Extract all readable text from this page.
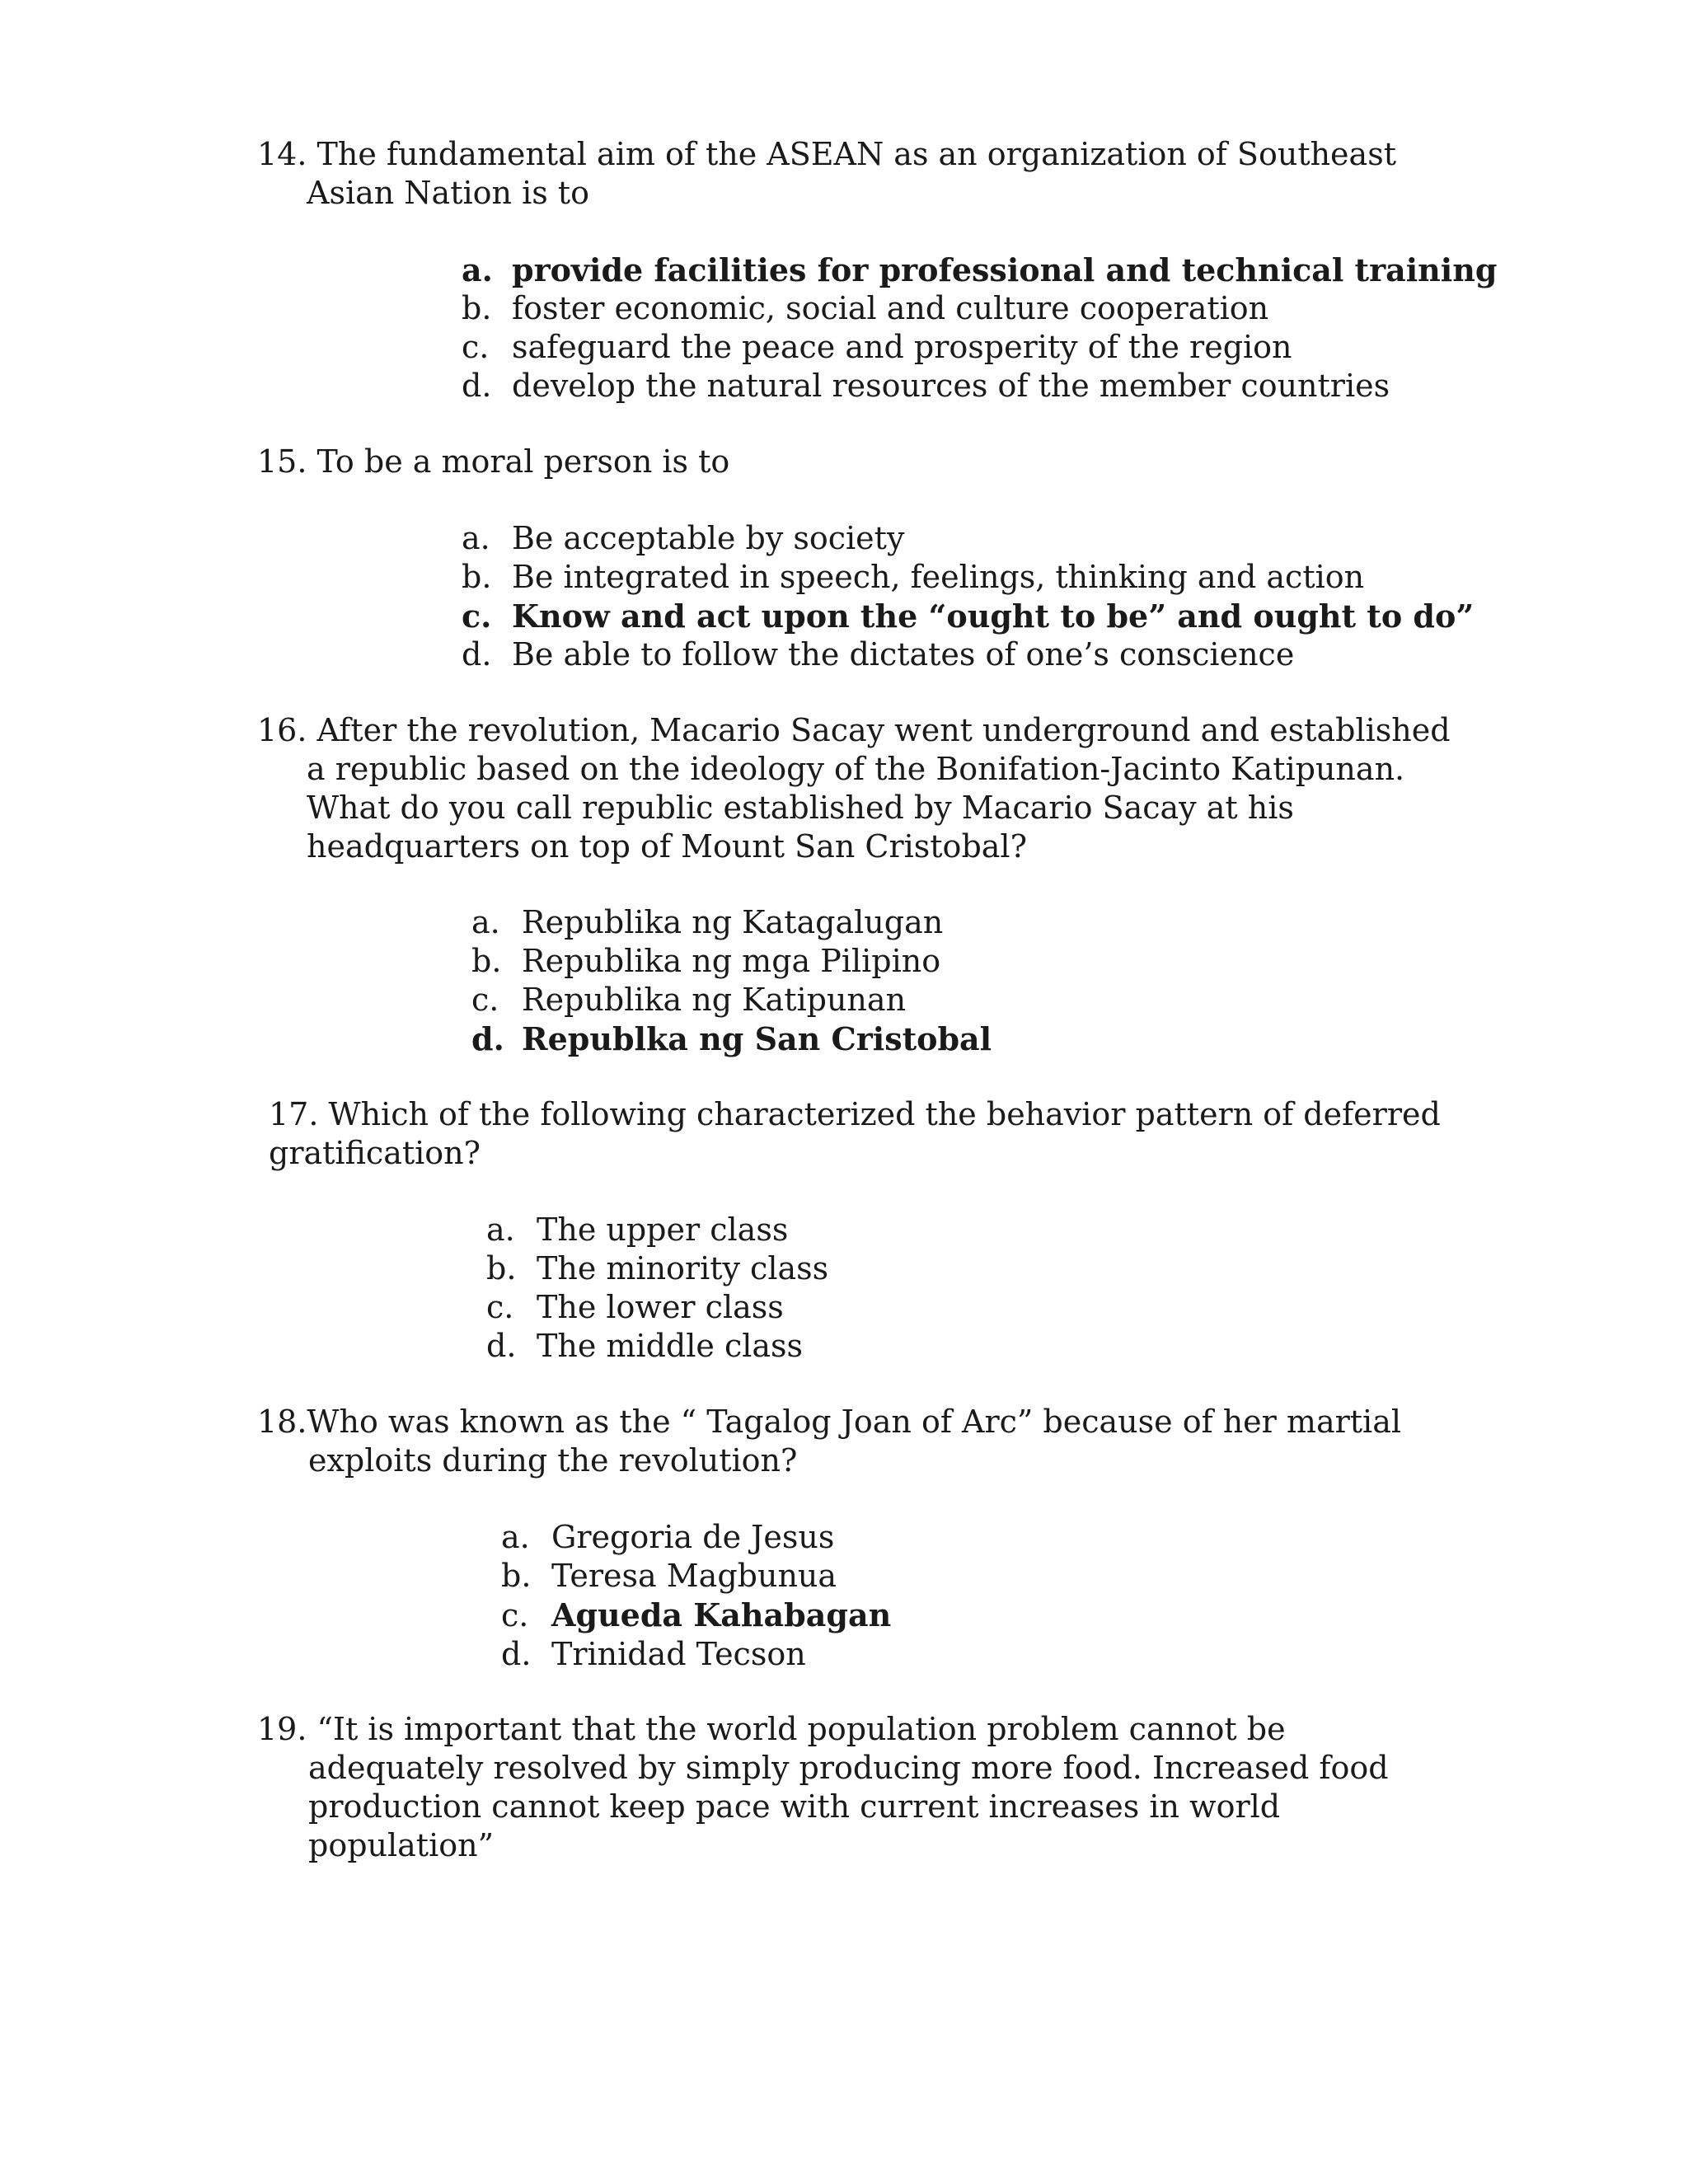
14. The fundamental aim of the ASEAN as an organization of Southeast
Asian Nation is to
a. provide facilities for professional and technical training
b. foster economic, social and culture cooperation
c. safeguard the peace and prosperity of the region
d. develop the natural resources of the member countries
15. To be a moral person is to
a. Be acceptable by society
b. Be integrated in speech, feelings, thinking and action
c. Know and act upon the “ought to be” and ought to do”
d. Be able to follow the dictates of one’s conscience
16. After the revolution, Macario Sacay went underground and established
a republic based on the ideology of the Bonifation-Jacinto Katipunan.
What do you call republic established by Macario Sacay at his
headquarters on top of Mount San Cristobal?
a. Republika ng Katagalugan
b. Republika ng mga Pilipino
c. Republika ng Katipunan
d. Republka ng San Cristobal
17. Which of the following characterized the behavior pattern of deferred
gratification?
a. The upper class
b. The minority class
c. The lower class
d. The middle class
18.Who was known as the “ Tagalog Joan of Arc” because of her martial
exploits during the revolution?
a. Gregoria de Jesus
b. Teresa Magbunua
c. Agueda Kahabagan
d. Trinidad Tecson
19. “It is important that the world population problem cannot be
adequately resolved by simply producing more food. Increased food
production cannot keep pace with current increases in world
population”
